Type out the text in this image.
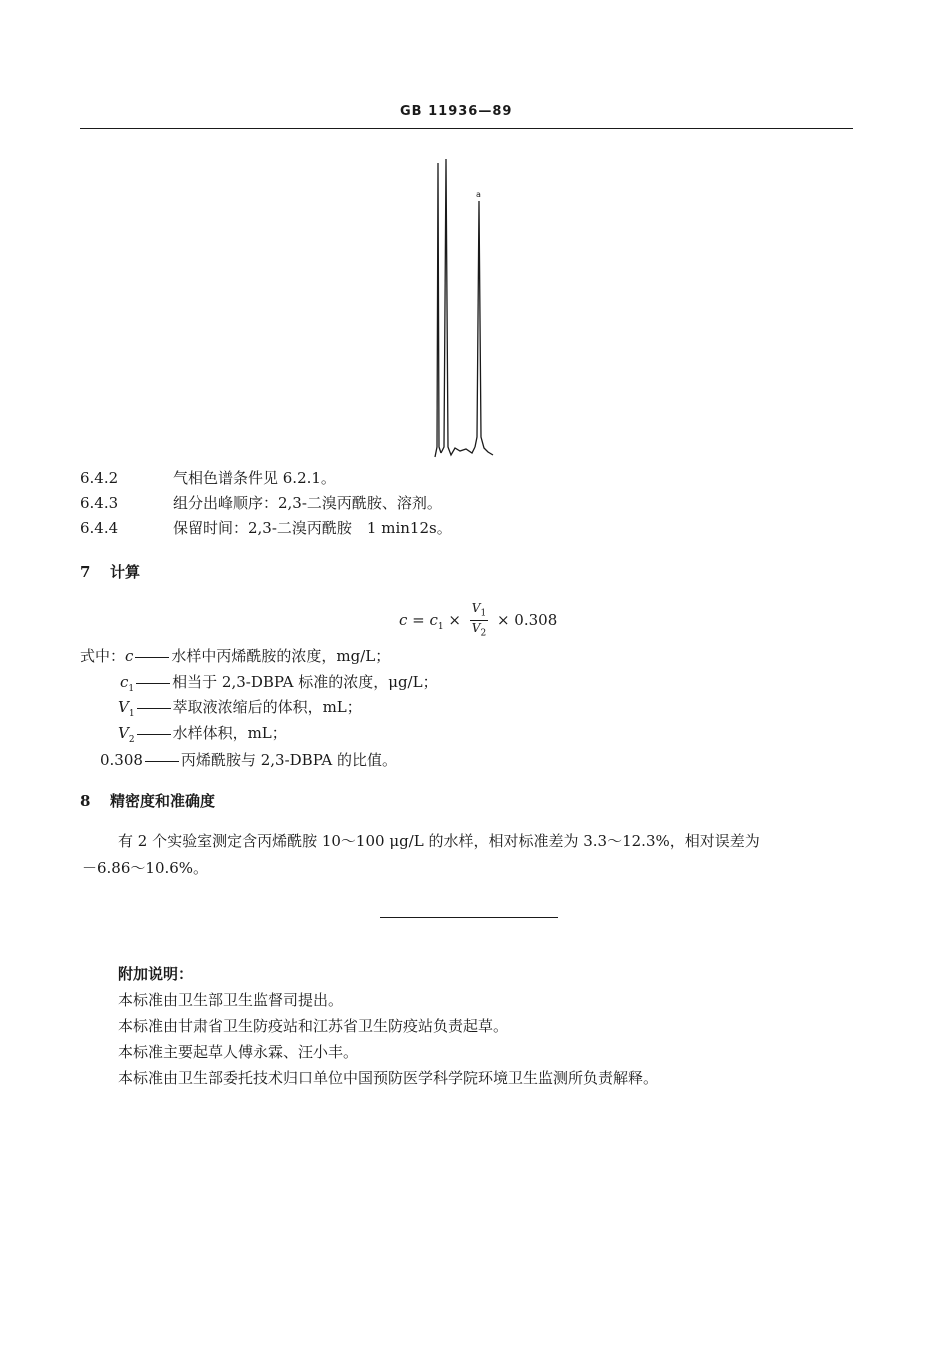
GB 11936—89
a
6.4.2	气相色谱条件见 6.2.1。
6.4.3	组分出峰顺序：2,3-二溴丙酰胺、溶剂。
6.4.4	保留时间：2,3-二溴丙酰胺　1 min12s。
7 计算
$c = c_1 \times \frac{V_1}{V_2} \times 0.308$
式中：c	水样中丙烯酰胺的浓度，mg/L；
$c_1$	相当于 2,3-DBPA 标准的浓度，μg/L；
$V_1$	萃取液浓缩后的体积，mL；
$V_2$	水样体积，mL；
0.308	丙烯酰胺与 2,3-DBPA 的比值。
8 精密度和准确度
有 2 个实验室测定含丙烯酰胺 10～100 μg/L 的水样，相对标准差为 3.3～12.3%，相对误差为
－6.86～10.6%。
附加说明：
本标准由卫生部卫生监督司提出。
本标准由甘肃省卫生防疫站和江苏省卫生防疫站负责起草。
本标准主要起草人傅永霖、汪小丰。
本标准由卫生部委托技术归口单位中国预防医学科学院环境卫生监测所负责解释。
